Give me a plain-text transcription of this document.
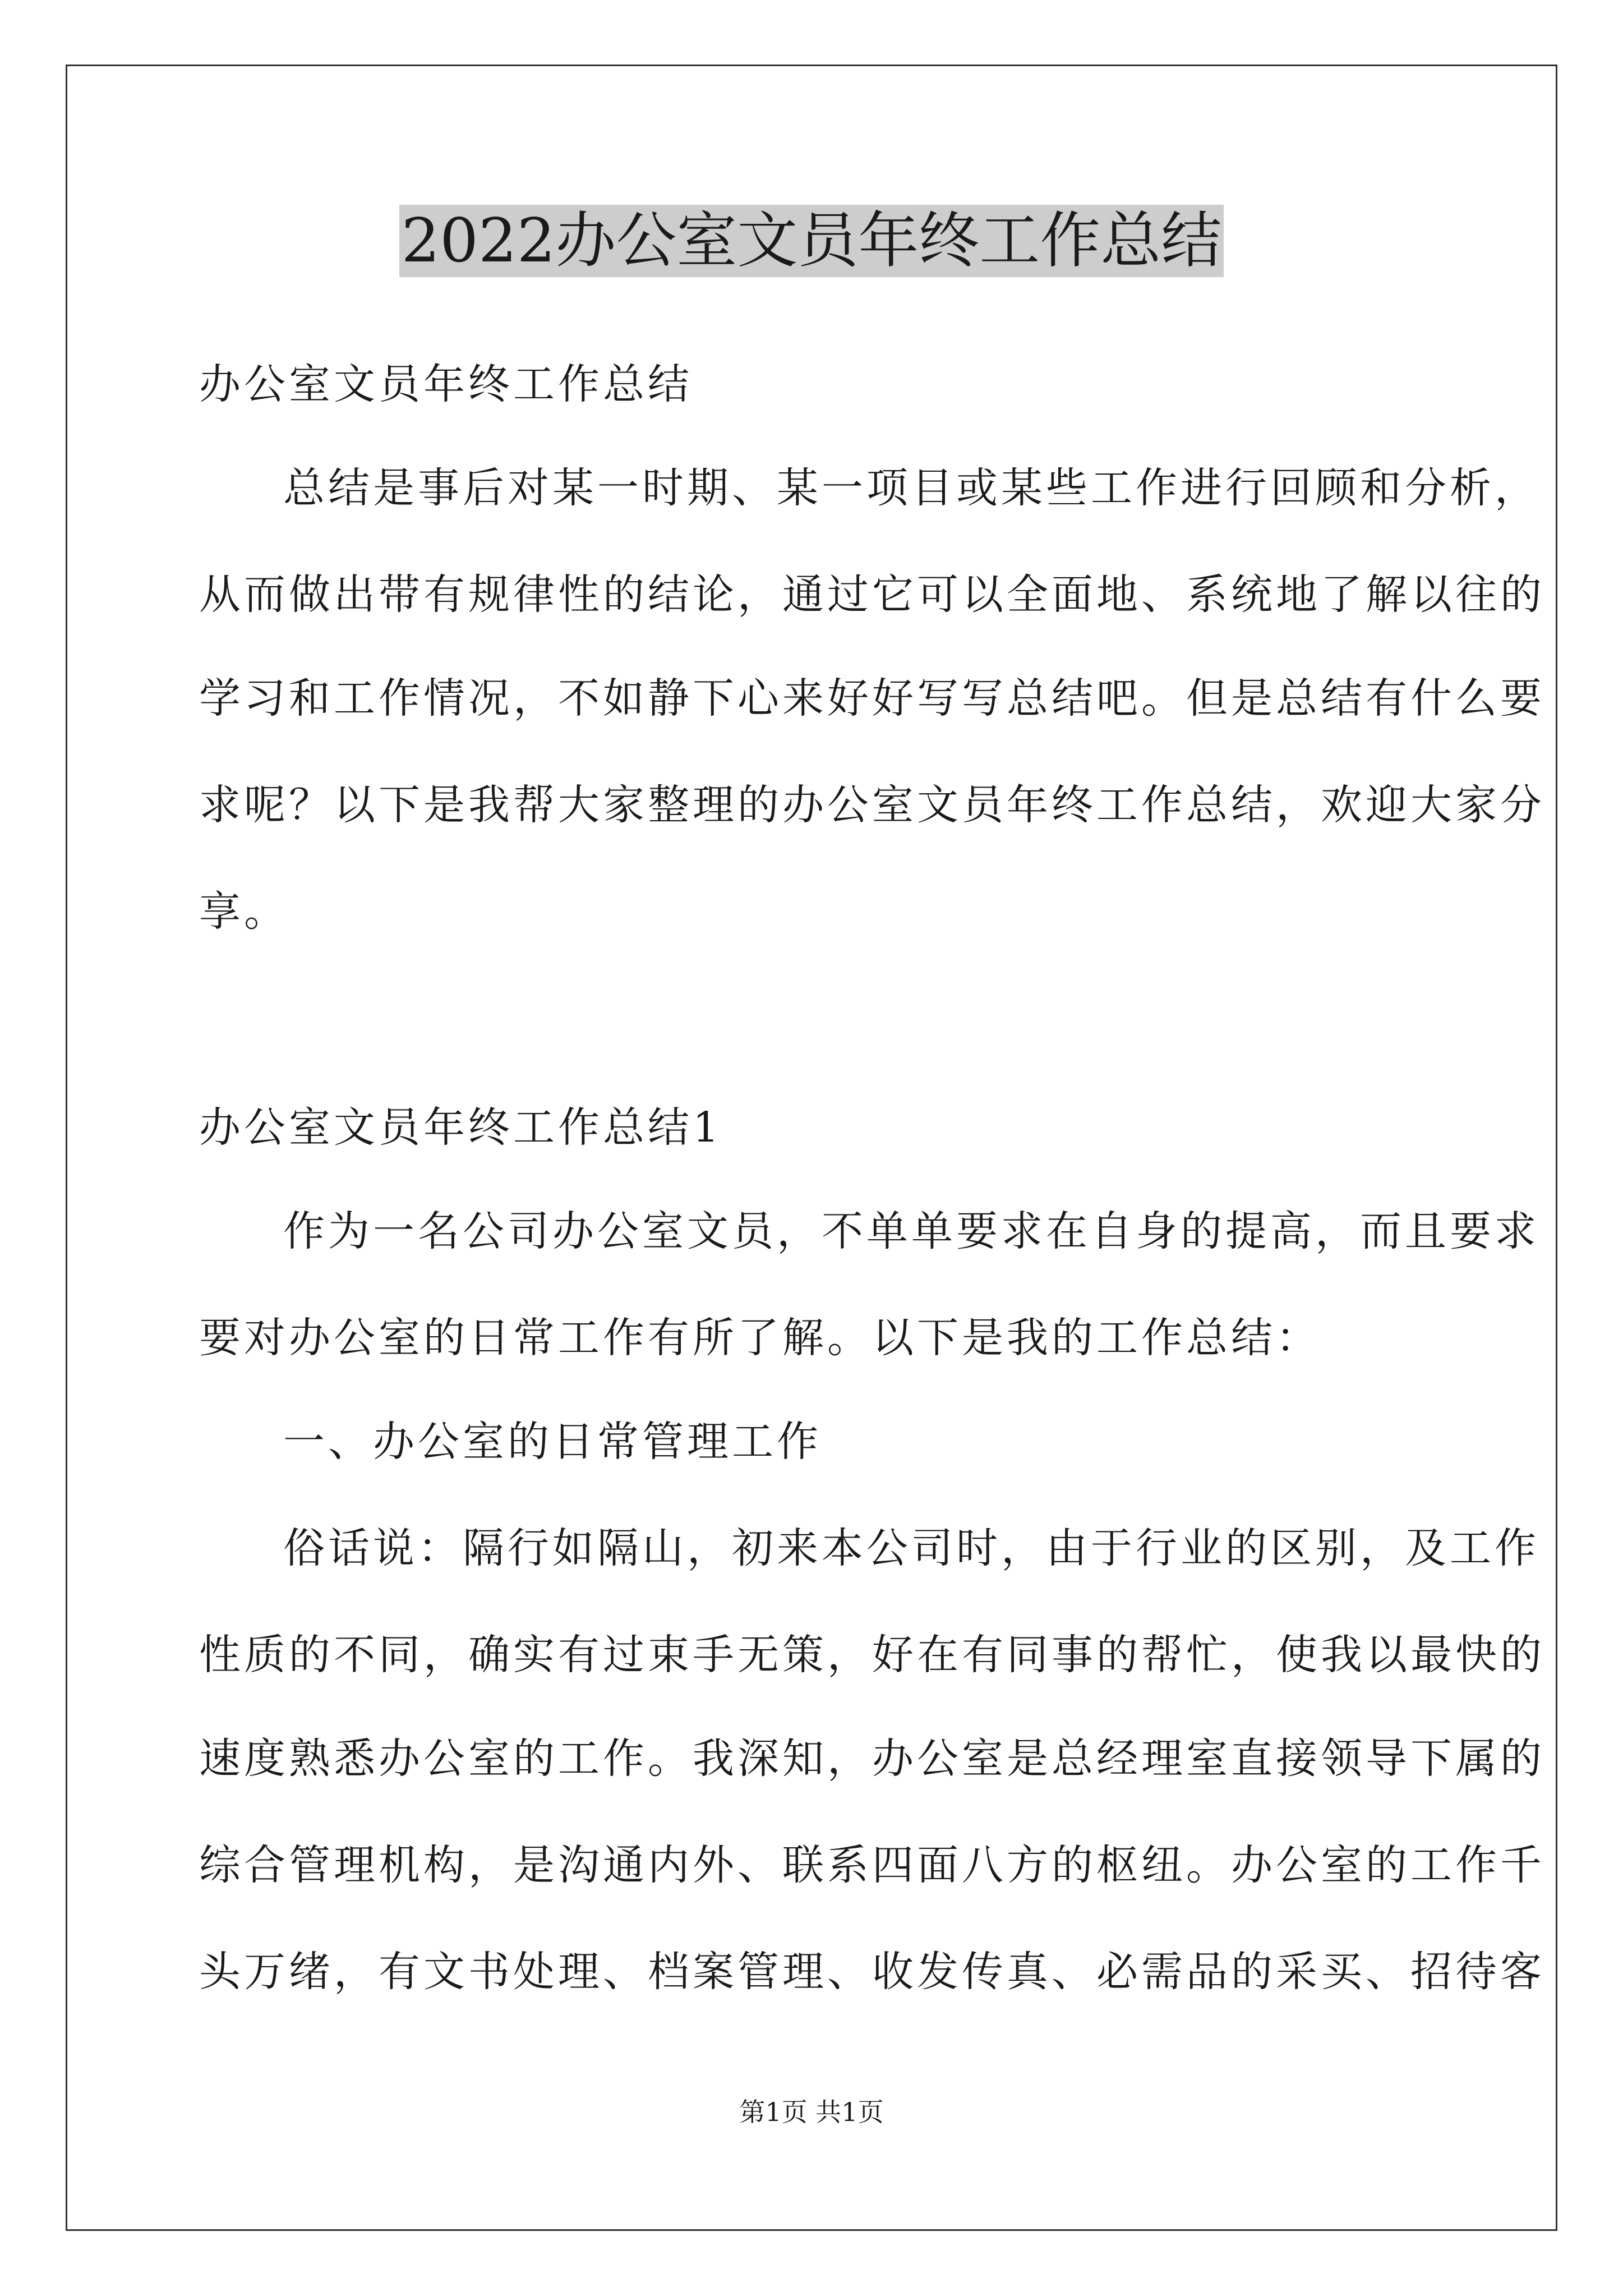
2022办公室文员年终工作总结
办公室文员年终工作总结
总结是事后对某一时期、某一项目或某些工作进行回顾和分析，
从而做出带有规律性的结论，通过它可以全面地、系统地了解以往的
学习和工作情况，不如静下心来好好写写总结吧。但是总结有什么要
求呢？以下是我帮大家整理的办公室文员年终工作总结，欢迎大家分
享。
办公室文员年终工作总结1
作为一名公司办公室文员，不单单要求在自身的提高，而且要求
要对办公室的日常工作有所了解。以下是我的工作总结：
一、办公室的日常管理工作
俗话说：隔行如隔山，初来本公司时，由于行业的区别，及工作
性质的不同，确实有过束手无策，好在有同事的帮忙，使我以最快的
速度熟悉办公室的工作。我深知，办公室是总经理室直接领导下属的
综合管理机构，是沟通内外、联系四面八方的枢纽。办公室的工作千
头万绪，有文书处理、档案管理、收发传真、必需品的采买、招待客
第1页 共1页
